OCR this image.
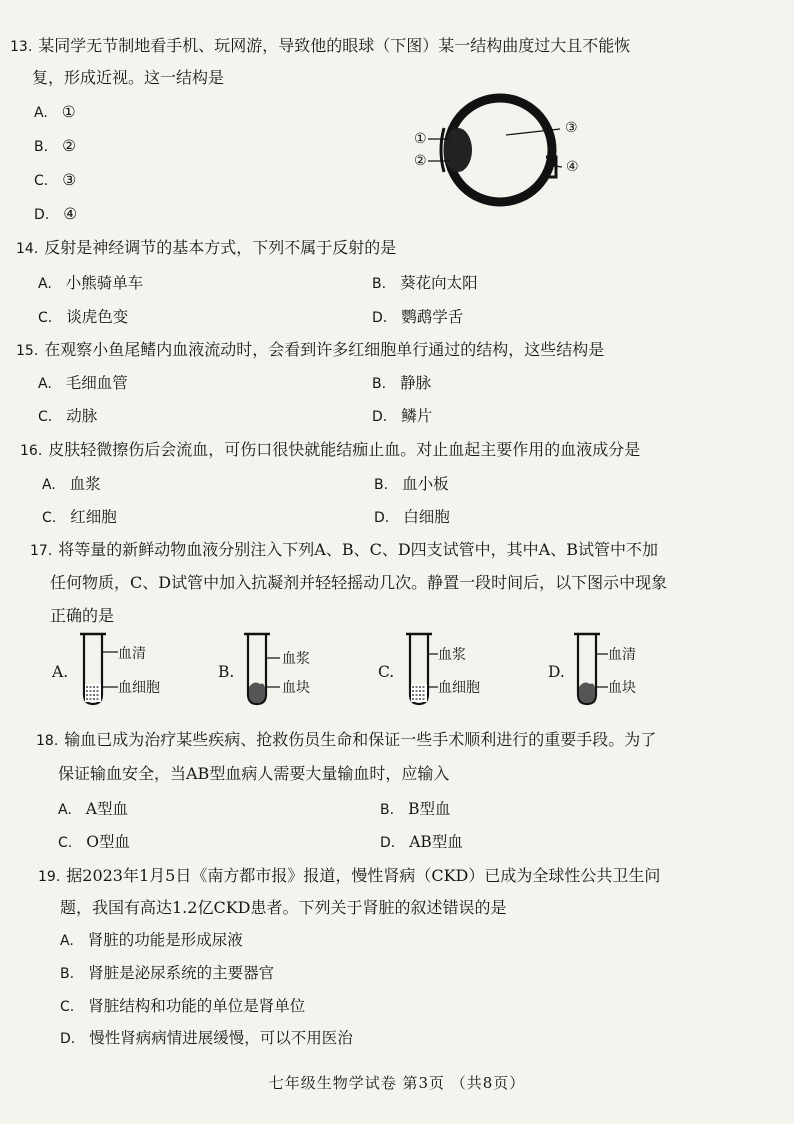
13. 某同学无节制地看手机、玩网游，导致他的眼球（下图）某一结构曲度过大且不能恢
复，形成近视。这一结构是
A. ①
B. ②
C. ③
D. ④
①
②
③
④
14. 反射是神经调节的基本方式，下列不属于反射的是
A. 小熊骑单车	B. 葵花向太阳
C. 谈虎色变	D. 鹦鹉学舌
15. 在观察小鱼尾鳍内血液流动时，会看到许多红细胞单行通过的结构，这些结构是
A. 毛细血管	B. 静脉
C. 动脉	D. 鳞片
16. 皮肤轻微擦伤后会流血，可伤口很快就能结痂止血。对止血起主要作用的血液成分是
A. 血浆	B. 血小板
C. 红细胞	D. 白细胞
17. 将等量的新鲜动物血液分别注入下列A、B、C、D四支试管中，其中A、B试管中不加
任何物质，C、D试管中加入抗凝剂并轻轻摇动几次。静置一段时间后，以下图示中现象
正确的是
A.
血清
血细胞
B.
血浆
血块
C.
血浆
血细胞
D.
血清
血块
18. 输血已成为治疗某些疾病、抢救伤员生命和保证一些手术顺利进行的重要手段。为了
保证输血安全，当AB型血病人需要大量输血时，应输入
A. A型血	B. B型血
C. O型血	D. AB型血
19. 据2023年1月5日《南方都市报》报道，慢性肾病（CKD）已成为全球性公共卫生问
题，我国有高达1.2亿CKD患者。下列关于肾脏的叙述错误的是
A. 肾脏的功能是形成尿液
B. 肾脏是泌尿系统的主要器官
C. 肾脏结构和功能的单位是肾单位
D. 慢性肾病病情进展缓慢，可以不用医治
七年级生物学试卷 第3页 （共8页）
